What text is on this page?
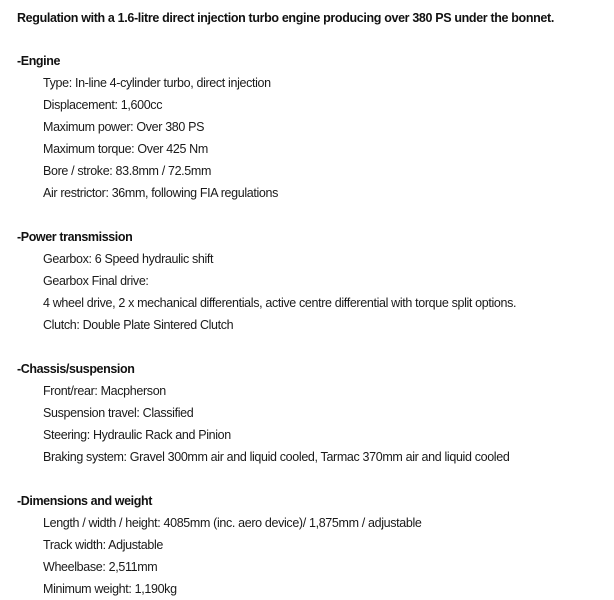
Regulation with a 1.6-litre direct injection turbo engine producing over 380 PS under the bonnet.
-Engine
Type: In-line 4-cylinder turbo, direct injection
Displacement: 1,600cc
Maximum power: Over 380 PS
Maximum torque: Over 425 Nm
Bore / stroke: 83.8mm / 72.5mm
Air restrictor: 36mm, following FIA regulations
-Power transmission
Gearbox: 6 Speed hydraulic shift
Gearbox Final drive:
4 wheel drive, 2 x mechanical differentials, active centre differential with torque split options.
Clutch: Double Plate Sintered Clutch
-Chassis/suspension
Front/rear: Macpherson
Suspension travel: Classified
Steering: Hydraulic Rack and Pinion
Braking system: Gravel 300mm air and liquid cooled, Tarmac 370mm air and liquid cooled
-Dimensions and weight
Length / width / height: 4085mm (inc. aero device)/ 1,875mm / adjustable
Track width: Adjustable
Wheelbase: 2,511mm
Minimum weight: 1,190kg
